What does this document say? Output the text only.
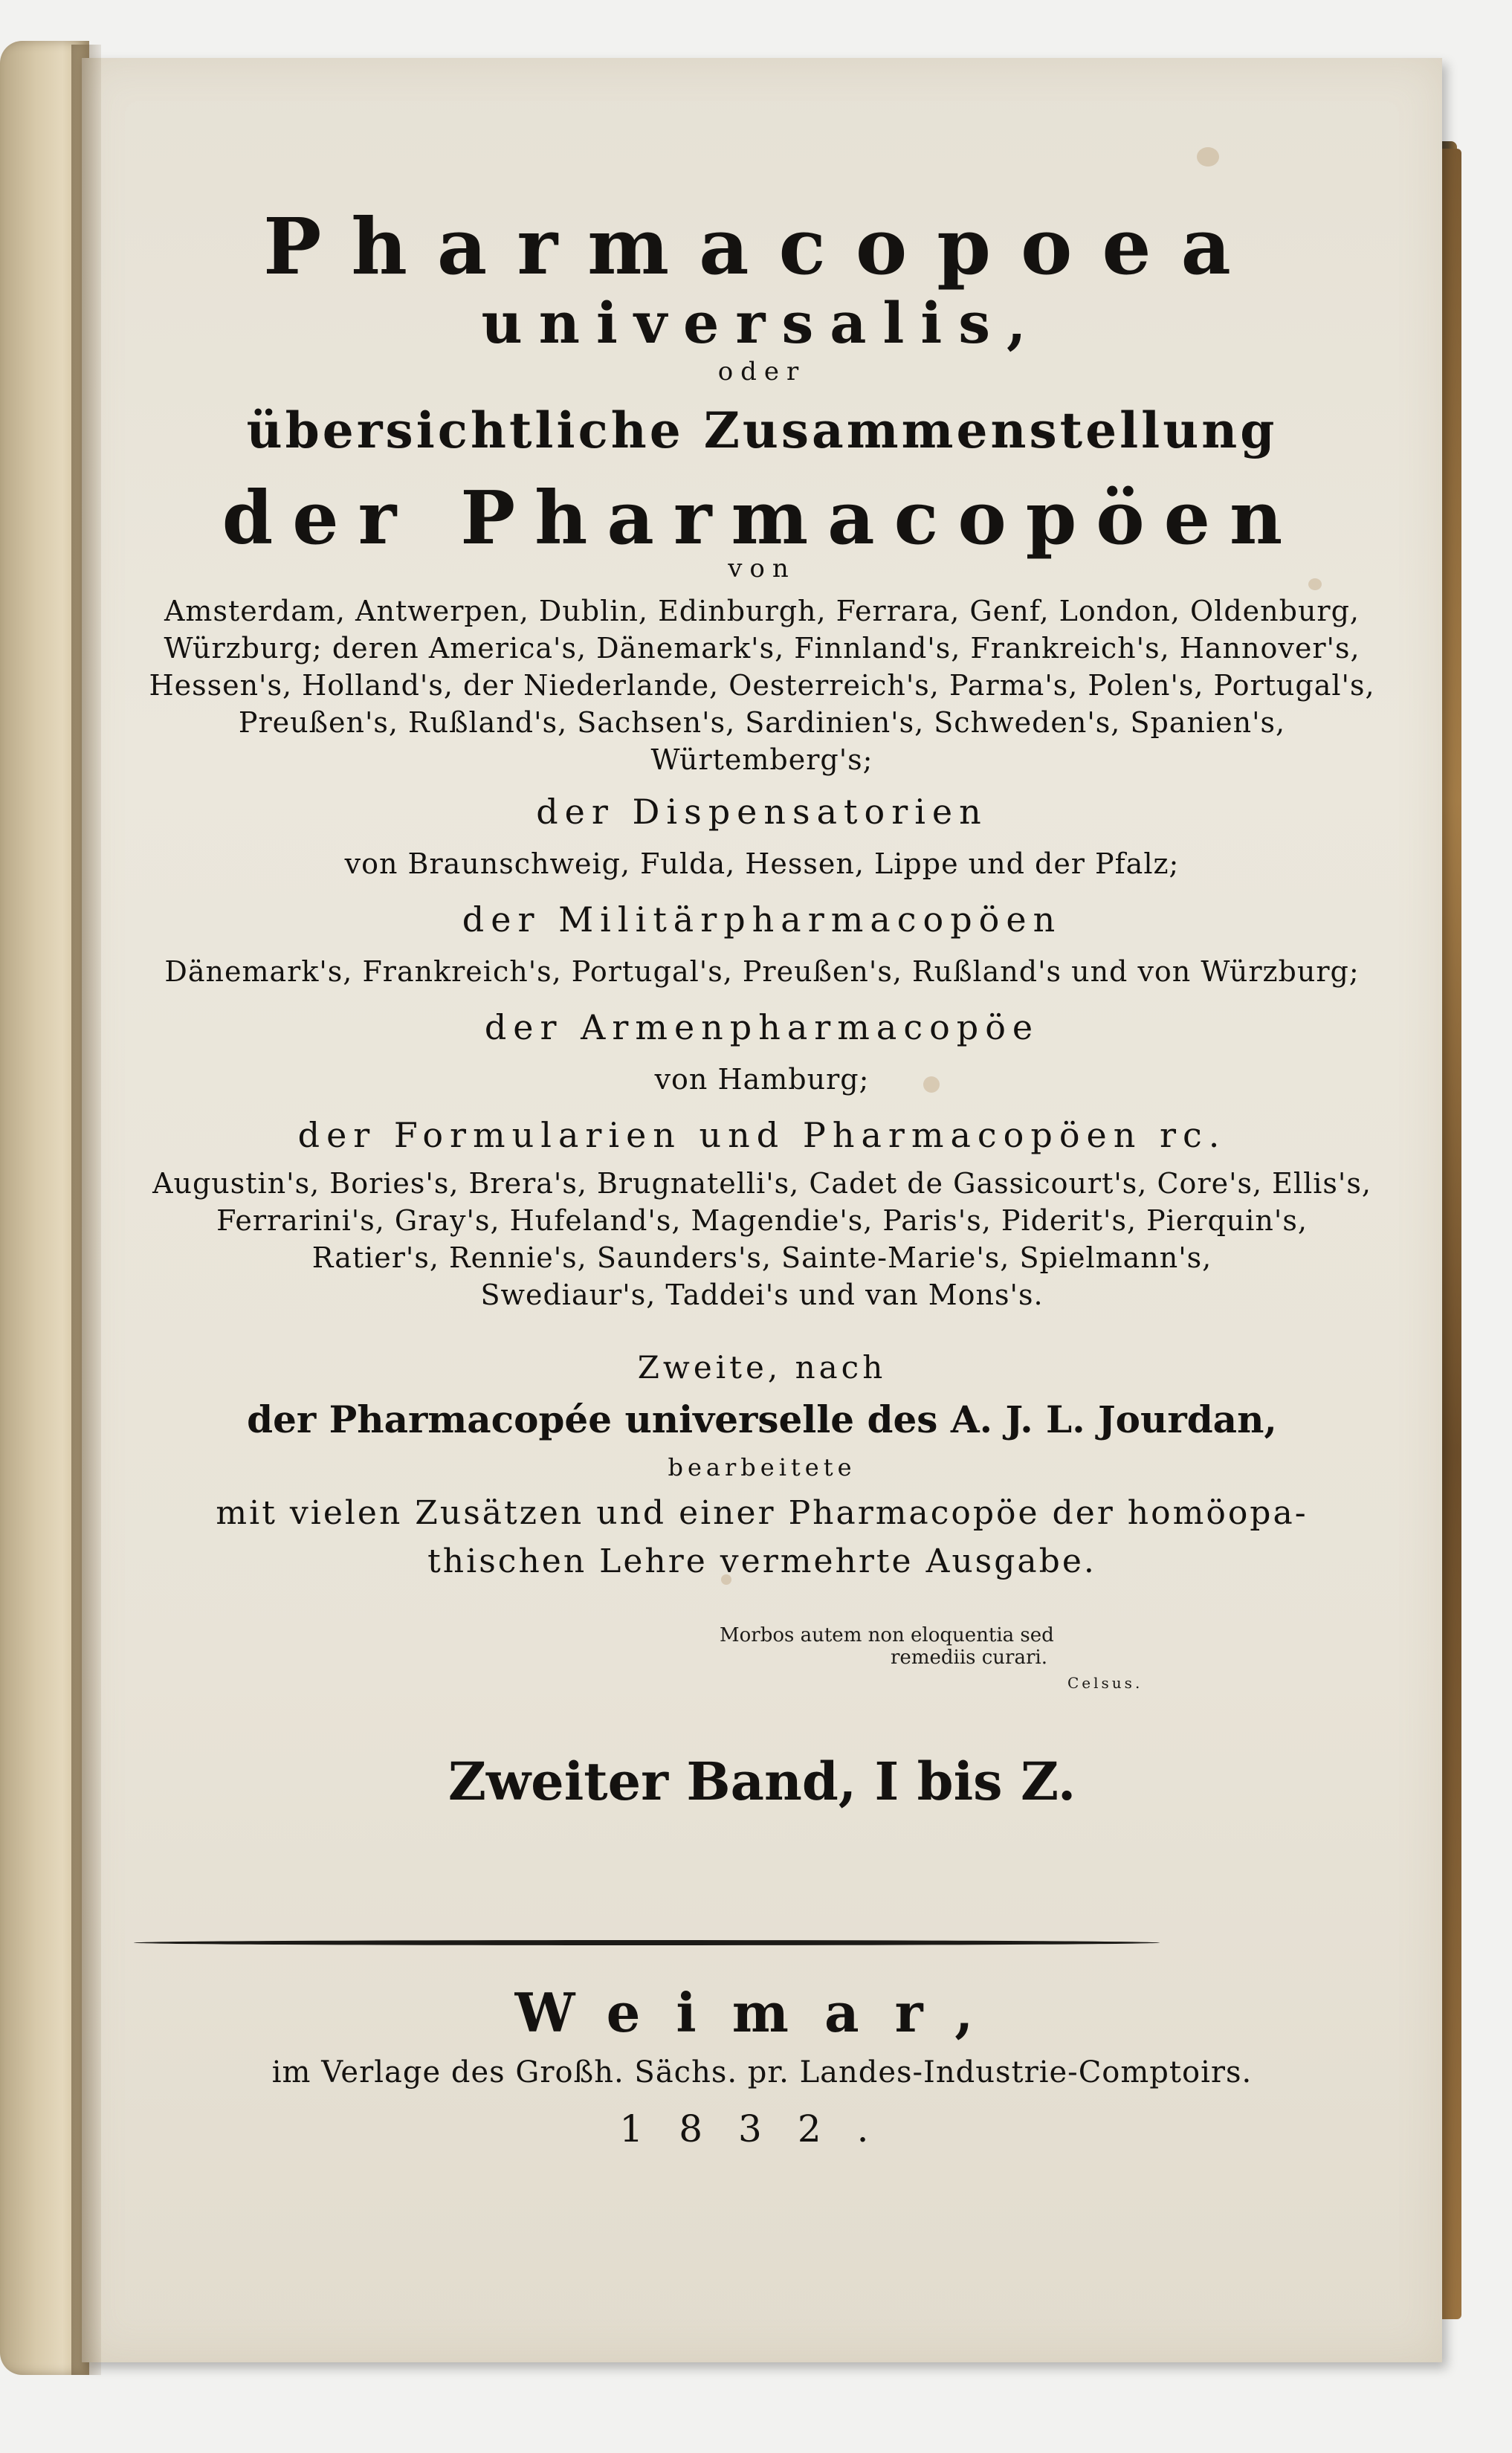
Pharmacopoea
universalis,
oder
übersichtliche Zusammenstellung
der Pharmacopöen
von
Amsterdam, Antwerpen, Dublin, Edinburgh, Ferrara, Genf, London, Oldenburg,
Würzburg; deren America's, Dänemark's, Finnland's, Frankreich's, Hannover's,
Hessen's, Holland's, der Niederlande, Oesterreich's, Parma's, Polen's, Portugal's,
Preußen's, Rußland's, Sachsen's, Sardinien's, Schweden's, Spanien's,
Würtemberg's;
der Dispensatorien
von Braunschweig, Fulda, Hessen, Lippe und der Pfalz;
der Militärpharmacopöen
Dänemark's, Frankreich's, Portugal's, Preußen's, Rußland's und von Würzburg;
der Armenpharmacopöe
von Hamburg;
der Formularien und Pharmacopöen rc.
Augustin's, Bories's, Brera's, Brugnatelli's, Cadet de Gassicourt's, Core's, Ellis's,
Ferrarini's, Gray's, Hufeland's, Magendie's, Paris's, Piderit's, Pierquin's,
Ratier's, Rennie's, Saunders's, Sainte-Marie's, Spielmann's,
Swediaur's, Taddei's und van Mons's.
Zweite, nach
der Pharmacopée universelle des A. J. L. Jourdan,
bearbeitete
mit vielen Zusätzen und einer Pharmacopöe der homöopa-
thischen Lehre vermehrte Ausgabe.
Morbos autem non eloquentia sed
remediis curari.
Celsus.
Zweiter Band, I bis Z.
Weimar,
im Verlage des Großh. Sächs. pr. Landes-Industrie-Comptoirs.
1832.
